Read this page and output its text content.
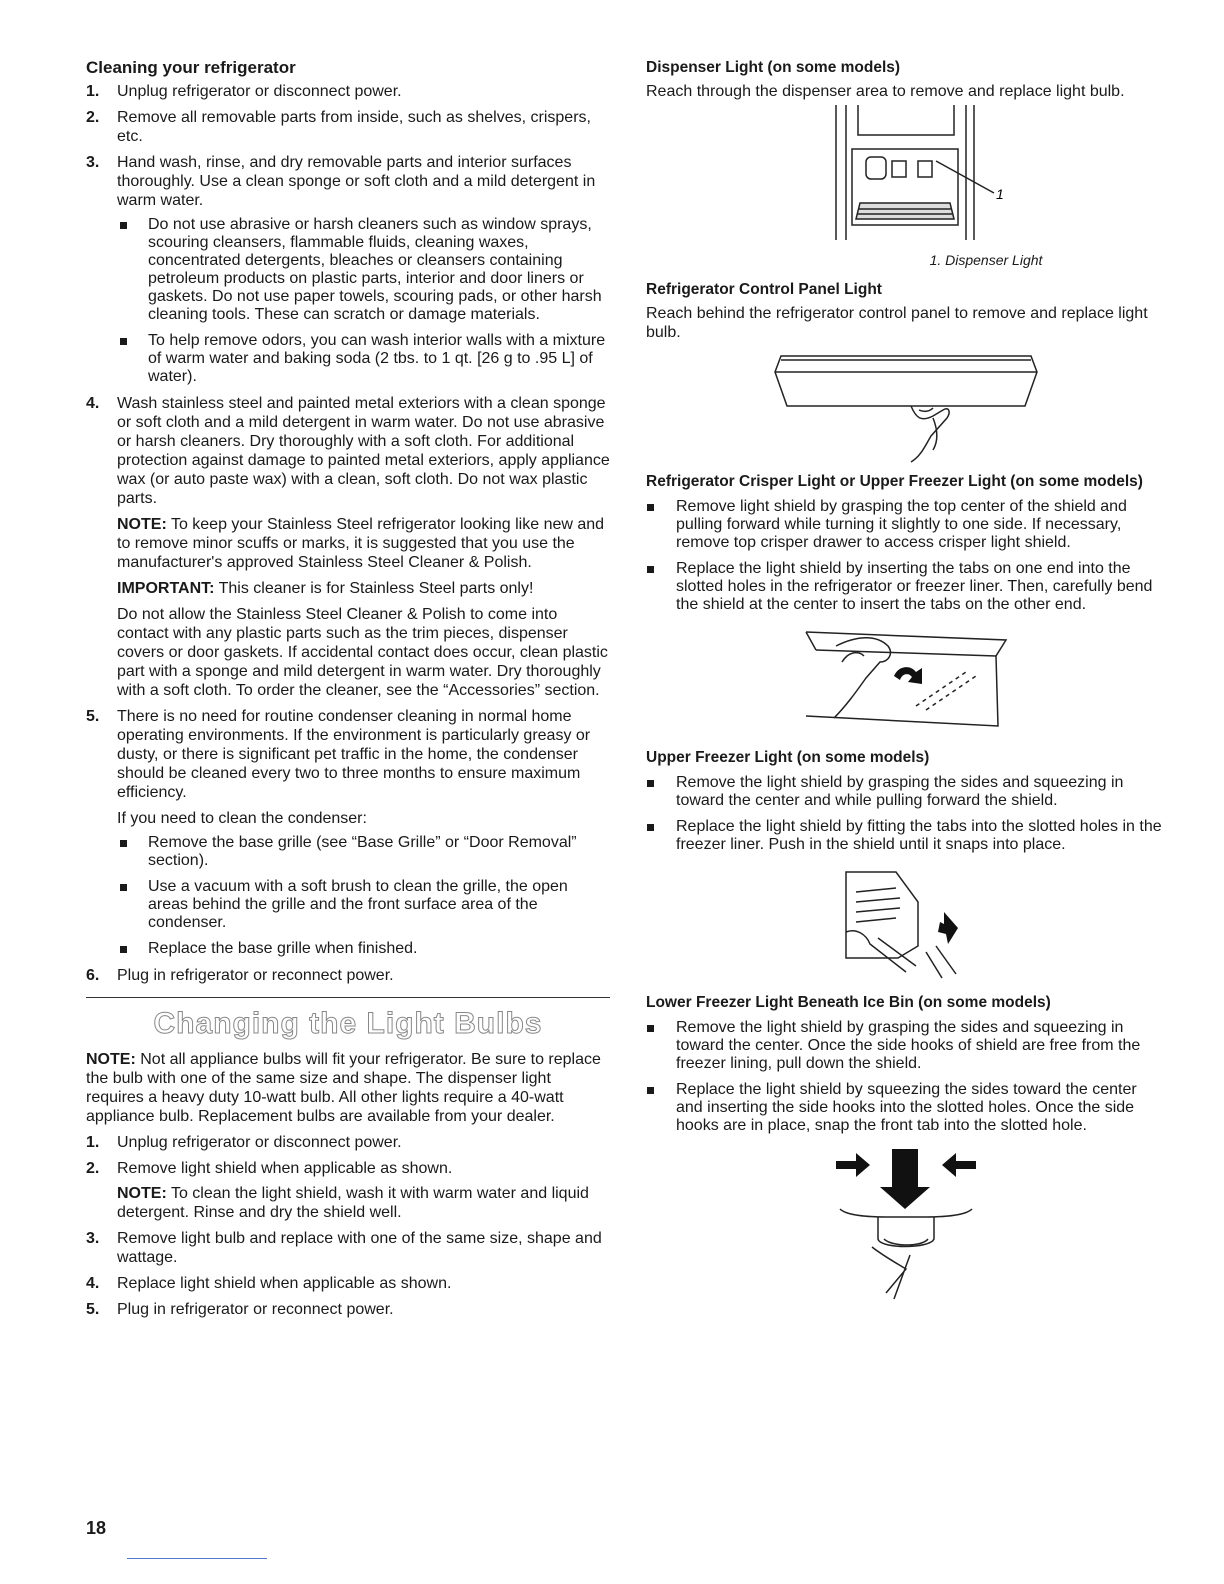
Cleaning your refrigerator
1. Unplug refrigerator or disconnect power.
2. Remove all removable parts from inside, such as shelves, crispers, etc.
3. Hand wash, rinse, and dry removable parts and interior surfaces thoroughly. Use a clean sponge or soft cloth and a mild detergent in warm water.
Do not use abrasive or harsh cleaners such as window sprays, scouring cleansers, flammable fluids, cleaning waxes, concentrated detergents, bleaches or cleansers containing petroleum products on plastic parts, interior and door liners or gaskets. Do not use paper towels, scouring pads, or other harsh cleaning tools. These can scratch or damage materials.
To help remove odors, you can wash interior walls with a mixture of warm water and baking soda (2 tbs. to 1 qt. [26 g to .95 L] of water).
4. Wash stainless steel and painted metal exteriors with a clean sponge or soft cloth and a mild detergent in warm water. Do not use abrasive or harsh cleaners. Dry thoroughly with a soft cloth. For additional protection against damage to painted metal exteriors, apply appliance wax (or auto paste wax) with a clean, soft cloth. Do not wax plastic parts.

NOTE: To keep your Stainless Steel refrigerator looking like new and to remove minor scuffs or marks, it is suggested that you use the manufacturer's approved Stainless Steel Cleaner & Polish.

IMPORTANT: This cleaner is for Stainless Steel parts only!

Do not allow the Stainless Steel Cleaner & Polish to come into contact with any plastic parts such as the trim pieces, dispenser covers or door gaskets. If accidental contact does occur, clean plastic part with a sponge and mild detergent in warm water. Dry thoroughly with a soft cloth. To order the cleaner, see the “Accessories” section.

5. There is no need for routine condenser cleaning in normal home operating environments. If the environment is particularly greasy or dusty, or there is significant pet traffic in the home, the condenser should be cleaned every two to three months to ensure maximum efficiency.

If you need to clean the condenser:

Remove the base grille (see “Base Grille” or “Door Removal” section).
Use a vacuum with a soft brush to clean the grille, the open areas behind the grille and the front surface area of the condenser.
Replace the base grille when finished.
6. Plug in refrigerator or reconnect power.
Changing the Light Bulbs

NOTE: Not all appliance bulbs will fit your refrigerator. Be sure to replace the bulb with one of the same size and shape. The dispenser light requires a heavy duty 10-watt bulb. All other lights require a 40-watt appliance bulb. Replacement bulbs are available from your dealer.

1. Unplug refrigerator or disconnect power.
2. Remove light shield when applicable as shown.

NOTE: To clean the light shield, wash it with warm water and liquid detergent. Rinse and dry the shield well.

3. Remove light bulb and replace with one of the same size, shape and wattage.
4. Replace light shield when applicable as shown.
5. Plug in refrigerator or reconnect power.
Dispenser Light (on some models)

Reach through the dispenser area to remove and replace light bulb.

1
1. Dispenser Light
Refrigerator Control Panel Light

Reach behind the refrigerator control panel to remove and replace light bulb.

Refrigerator Crisper Light or Upper Freezer Light (on some models)
Remove light shield by grasping the top center of the shield and pulling forward while turning it slightly to one side. If necessary, remove top crisper drawer to access crisper light shield.
Replace the light shield by inserting the tabs on one end into the slotted holes in the refrigerator or freezer liner. Then, carefully bend the shield at the center to insert the tabs on the other end.
Upper Freezer Light (on some models)
Remove the light shield by grasping the sides and squeezing in toward the center and while pulling forward the shield.
Replace the light shield by fitting the tabs into the slotted holes in the freezer liner. Push in the shield until it snaps into place.
Lower Freezer Light Beneath Ice Bin (on some models)
Remove the light shield by grasping the sides and squeezing in toward the center. Once the side hooks of shield are free from the freezer lining, pull down the shield.
Replace the light shield by squeezing the sides toward the center and inserting the side hooks into the slotted holes. Once the side hooks are in place, snap the front tab into the slotted hole.
18
